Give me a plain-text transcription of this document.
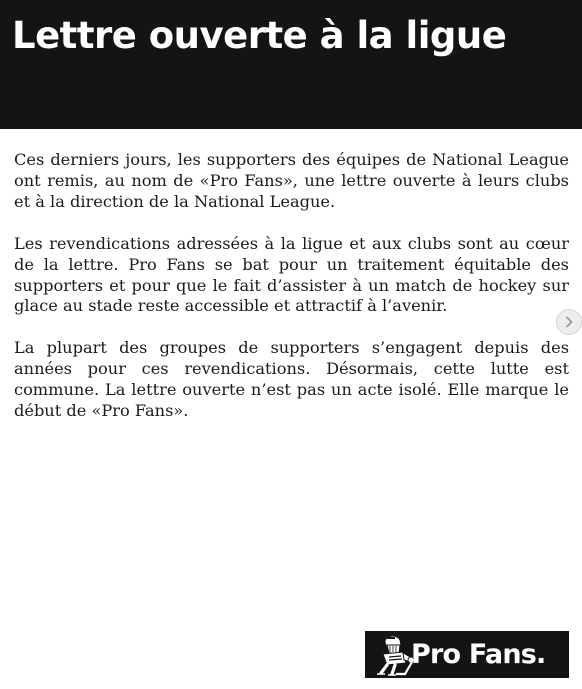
Lettre ouverte à la ligue

Ces derniers jours, les supporters des équipes de National League ont remis, au nom de «Pro Fans», une lettre ouverte à leurs clubs et à la direction de la National League.

Les revendications adressées à la ligue et aux clubs sont au cœur de la lettre. Pro Fans se bat pour un traitement équitable des supporters et pour que le fait d’assister à un match de hockey sur glace au stade reste accessible et attractif à l’avenir.

La plupart des groupes de supporters s’engagent depuis des années pour ces revendications. Désormais, cette lutte est commune. La lettre ouverte n’est pas un acte isolé. Elle marque le début de «Pro Fans».

Pro Fans.
